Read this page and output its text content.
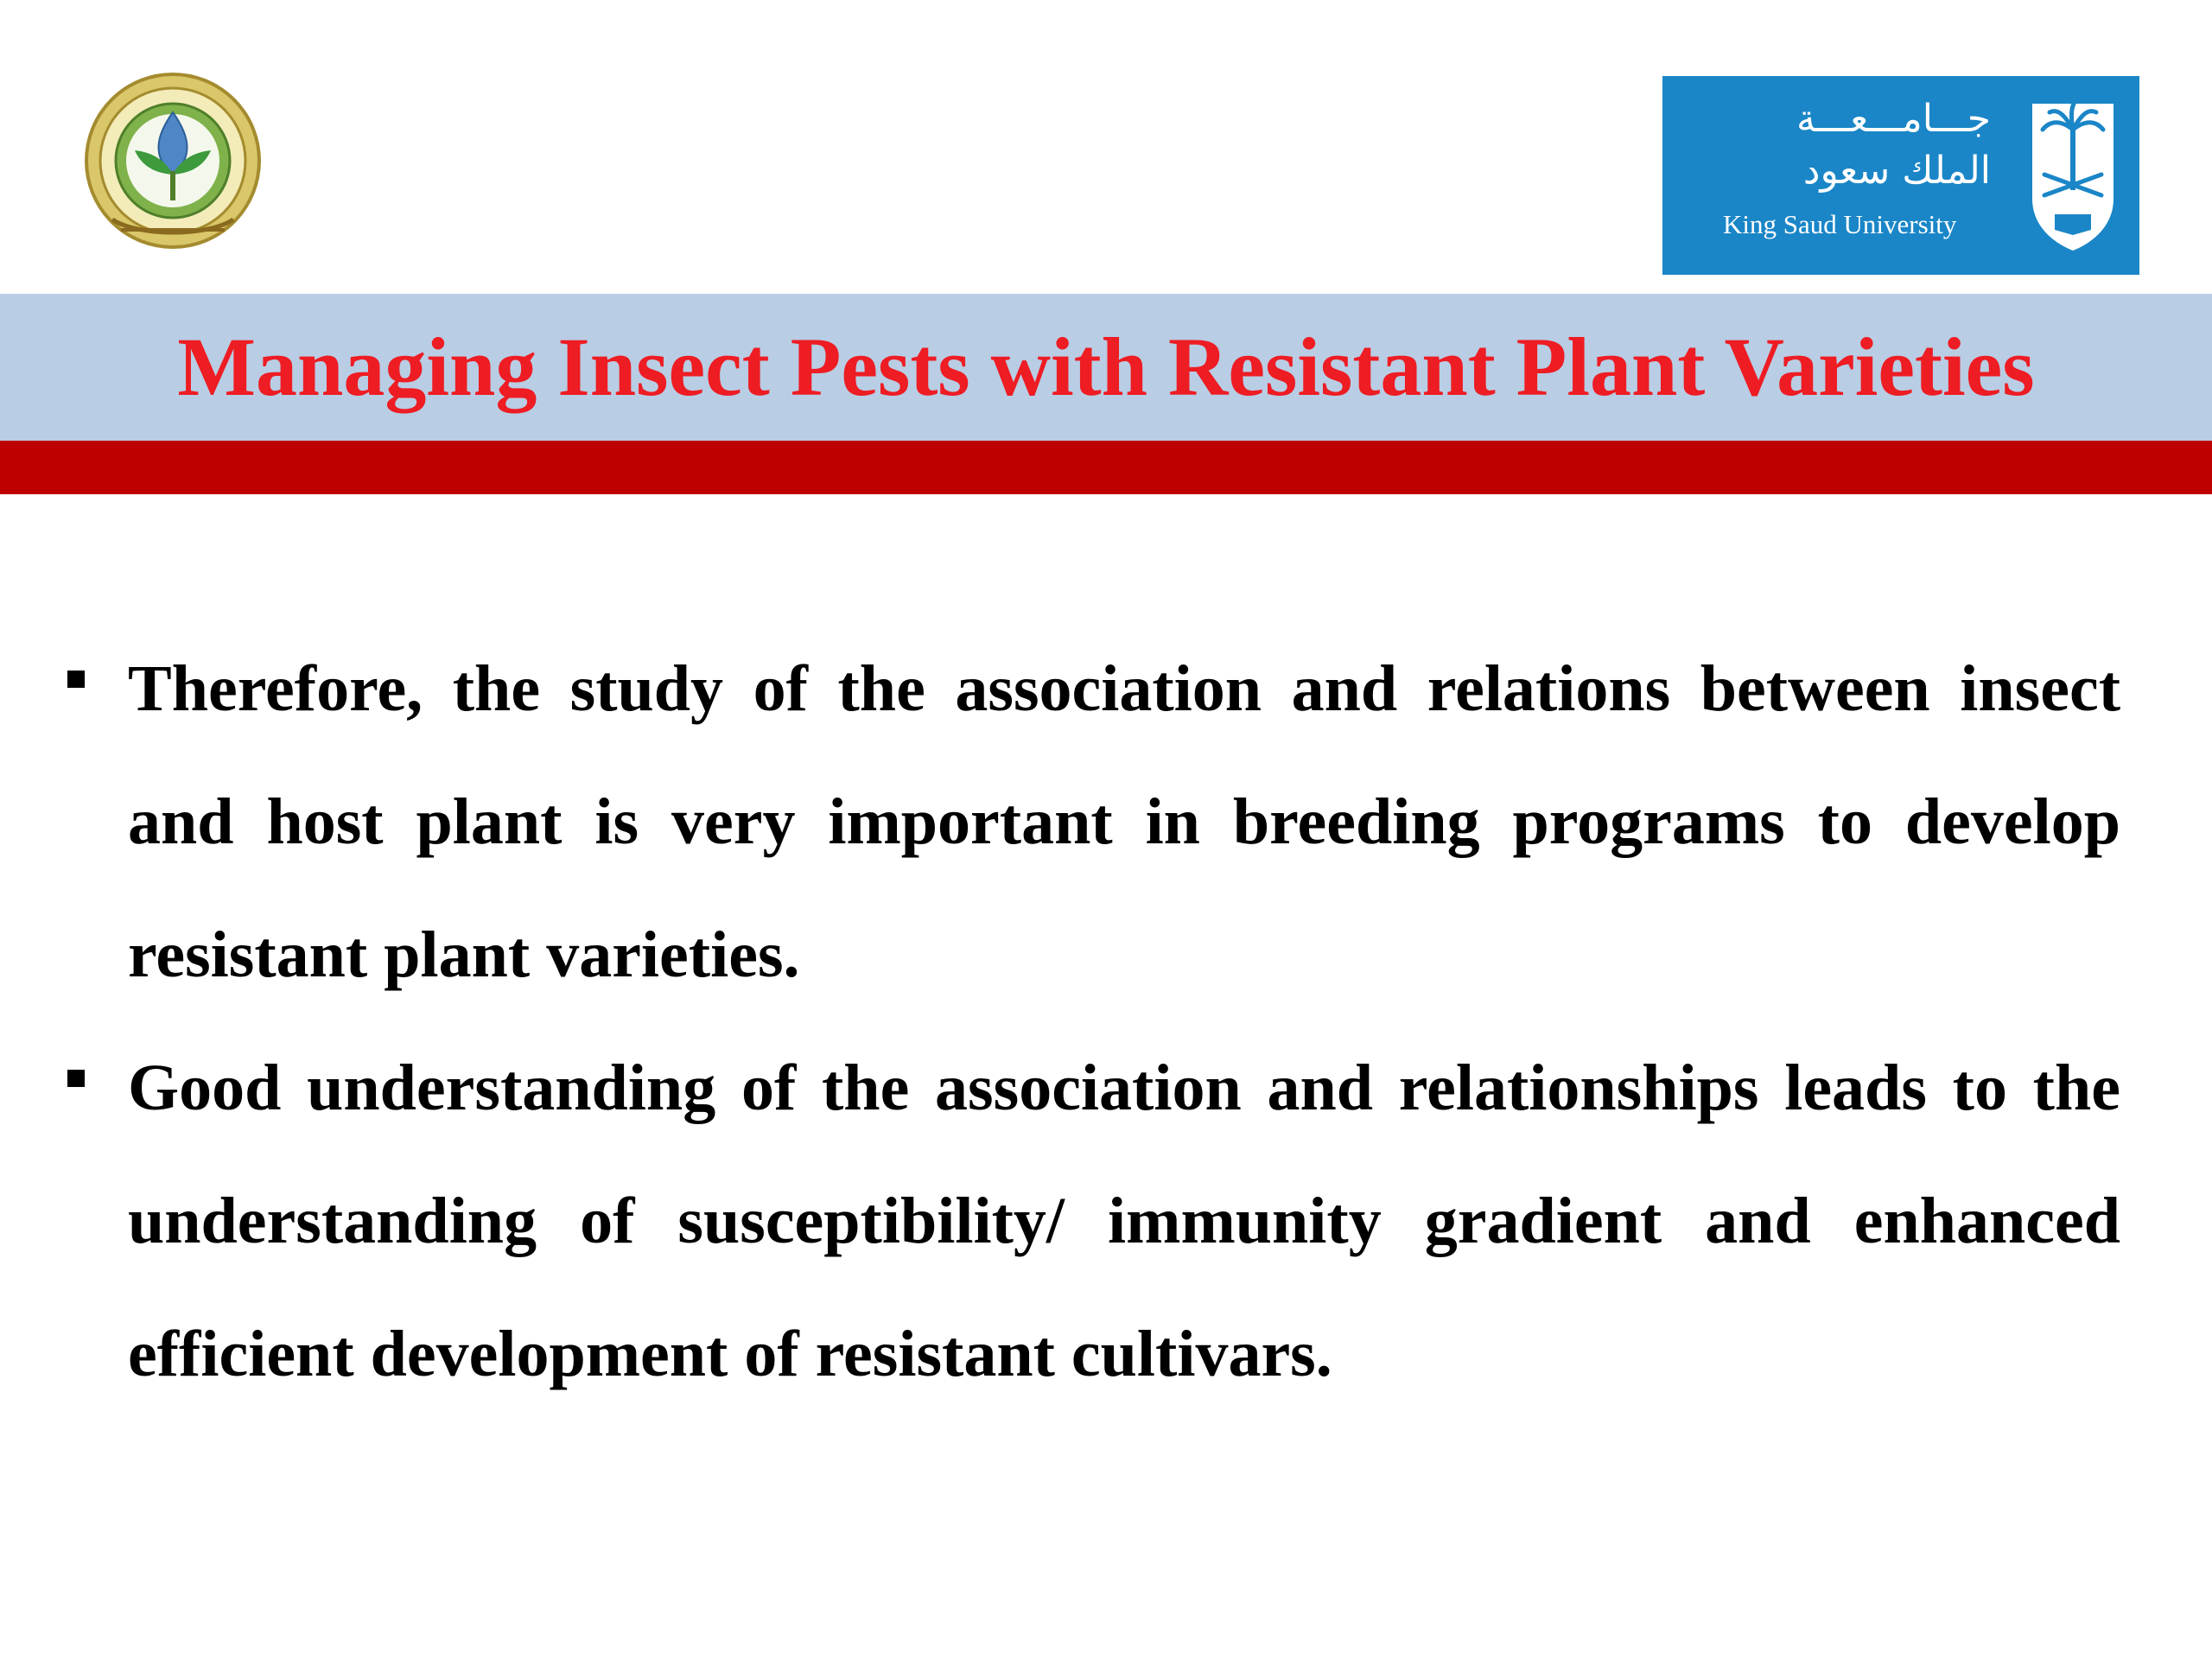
جـــامـــعـــة
الملك سعود
King Saud University
Managing Insect Pests with Resistant Plant Varieties
Therefore, the study of the association and relations between insect and host plant is very important in breeding programs to develop resistant plant varieties.
Good understanding of the association and relationships leads to the understanding of susceptibility/ immunity gradient and enhanced efficient development of resistant cultivars.
